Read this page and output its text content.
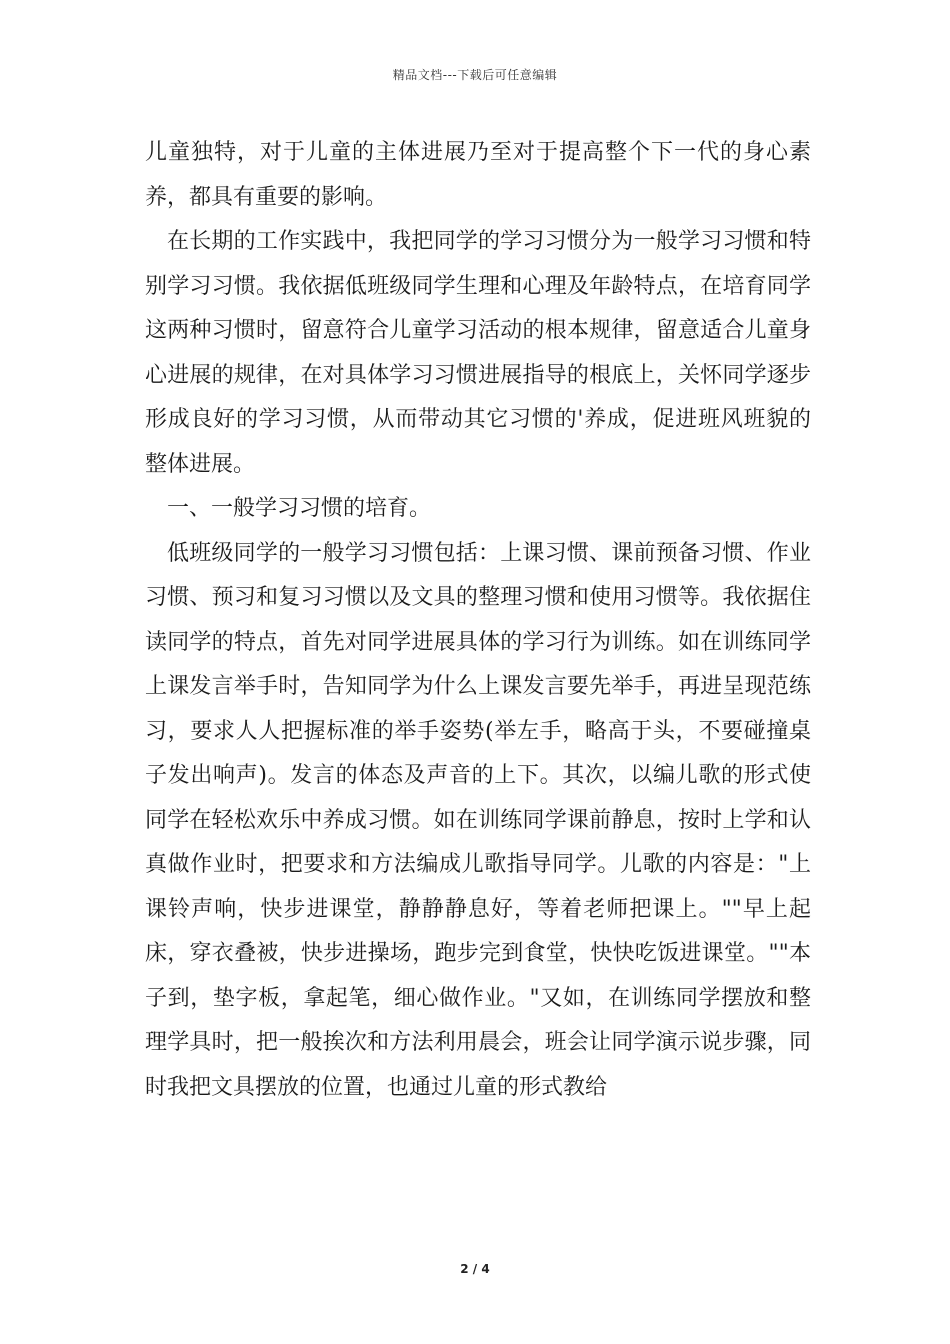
精品文档---下载后可任意编辑

儿童独特，对于儿童的主体进展乃至对于提高整个下一代的身心素养，都具有重要的影响。

在长期的工作实践中，我把同学的学习习惯分为一般学习习惯和特别学习习惯。我依据低班级同学生理和心理及年龄特点，在培育同学这两种习惯时，留意符合儿童学习活动的根本规律，留意适合儿童身心进展的规律，在对具体学习习惯进展指导的根底上，关怀同学逐步形成良好的学习习惯，从而带动其它习惯的'养成，促进班风班貌的整体进展。

一、一般学习习惯的培育。

低班级同学的一般学习习惯包括：上课习惯、课前预备习惯、作业习惯、预习和复习习惯以及文具的整理习惯和使用习惯等。我依据住读同学的特点，首先对同学进展具体的学习行为训练。如在训练同学上课发言举手时，告知同学为什么上课发言要先举手，再进呈现范练习，要求人人把握标准的举手姿势(举左手，略高于头，不要碰撞桌子发出响声)。发言的体态及声音的上下。其次，以编儿歌的形式使同学在轻松欢乐中养成习惯。如在训练同学课前静息，按时上学和认真做作业时，把要求和方法编成儿歌指导同学。儿歌的内容是："上课铃声响，快步进课堂，静静静息好，等着老师把课上。""早上起床，穿衣叠被，快步进操场，跑步完到食堂，快快吃饭进课堂。""本子到，垫字板，拿起笔，细心做作业。"又如，在训练同学摆放和整理学具时，把一般挨次和方法利用晨会，班会让同学演示说步骤，同时我把文具摆放的位置，也通过儿童的形式教给

2 / 4
